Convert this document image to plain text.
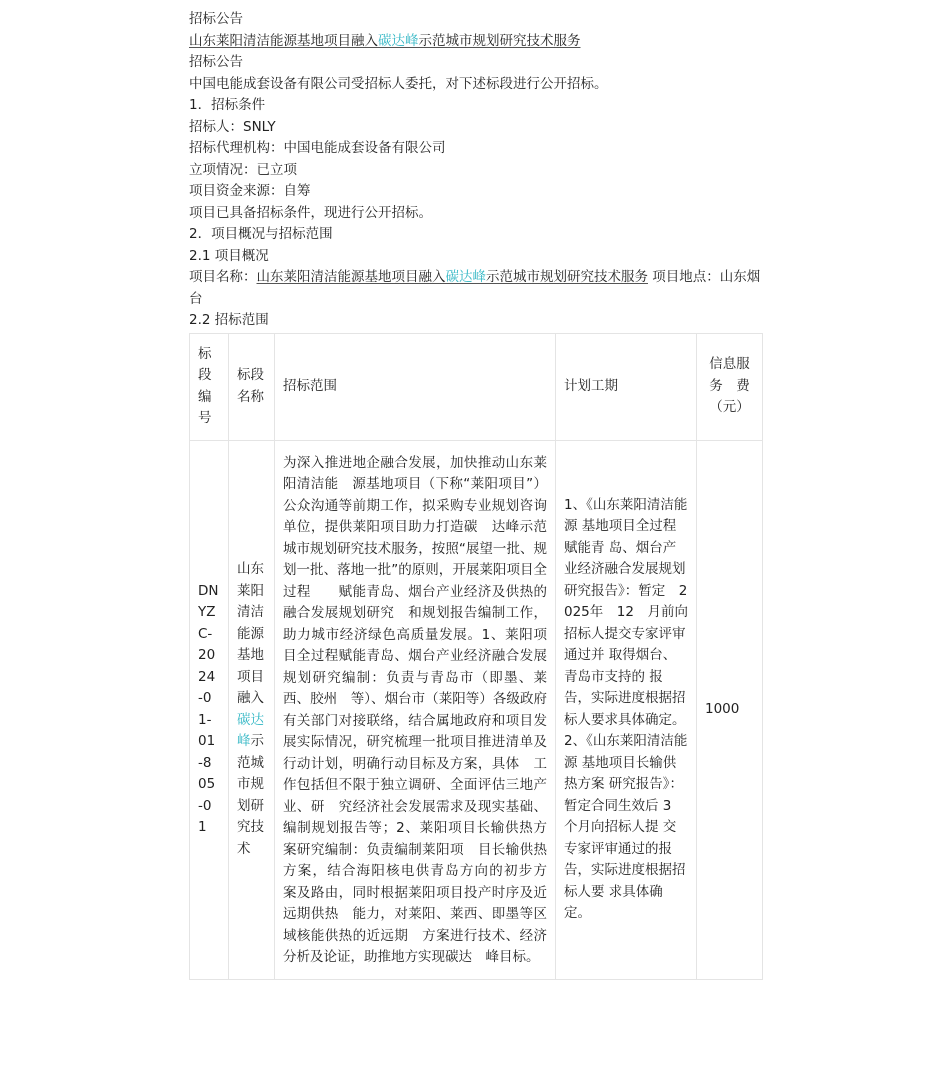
招标公告

山东莱阳清洁能源基地项目融入碳达峰示范城市规划研究技术服务

招标公告

中国电能成套设备有限公司受招标人委托，对下述标段进行公开招标。

1．招标条件

招标人：SNLY

招标代理机构：中国电能成套设备有限公司

立项情况：已立项

项目资金来源：自筹

项目已具备招标条件，现进行公开招标。

2．项目概况与招标范围

2.1 项目概况

项目名称：山东莱阳清洁能源基地项目融入碳达峰示范城市规划研究技术服务 项目地点：山东烟台

2.2 招标范围

标段编号	标段名称	招标范围	计划工期	信息服务　费（元）
DNYZC-2024-01-01-805-01	山东莱阳清洁能源基地项目融入碳达峰示范城市规划研究技术	为深入推进地企融合发展，加快推动山东莱阳清洁能　源基地项目（下称“莱阳项目”）公众沟通等前期工作，拟采购专业规划咨询单位，提供莱阳项目助力打造碳　达峰示范城市规划研究技术服务，按照“展望一批、规划一批、落地一批”的原则，开展莱阳项目全过程　　赋能青岛、烟台产业经济及供热的融合发展规划研究　和规划报告编制工作，助力城市经济绿色高质量发展。1、莱阳项目全过程赋能青岛、烟台产业经济融合发展　规划研究编制：负责与青岛市（即墨、莱西、胶州　等）、烟台市（莱阳等）各级政府有关部门对接联络，结合属地政府和项目发展实际情况，研究梳理一批项目推进清单及行动计划，明确行动目标及方案，具体　工作包括但不限于独立调研、全面评估三地产业、研　究经济社会发展需求及现实基础、编制规划报告等；2、莱阳项目长输供热方案研究编制：负责编制莱阳项　目长输供热方案，结合海阳核电供青岛方向的初步方　案及路由，同时根据莱阳项目投产时序及近远期供热　能力，对莱阳、莱西、即墨等区域核能供热的近远期　方案进行技术、经济分析及论证，助推地方实现碳达　峰目标。	1、《山东莱阳清洁能源 基地项目全过程赋能青 岛、烟台产业经济融合发展规划研究报告》：暂定　2025年　12　月前向招标人提交专家评审通过并 取得烟台、青岛市支持的 报告，实际进度根据招标人要求具体确定。2、《山东莱阳清洁能源 基地项目长输供热方案 研究报告》：暂定合同生效后 3 个月向招标人提 交专家评审通过的报告，实际进度根据招标人要 求具体确定。	1000
